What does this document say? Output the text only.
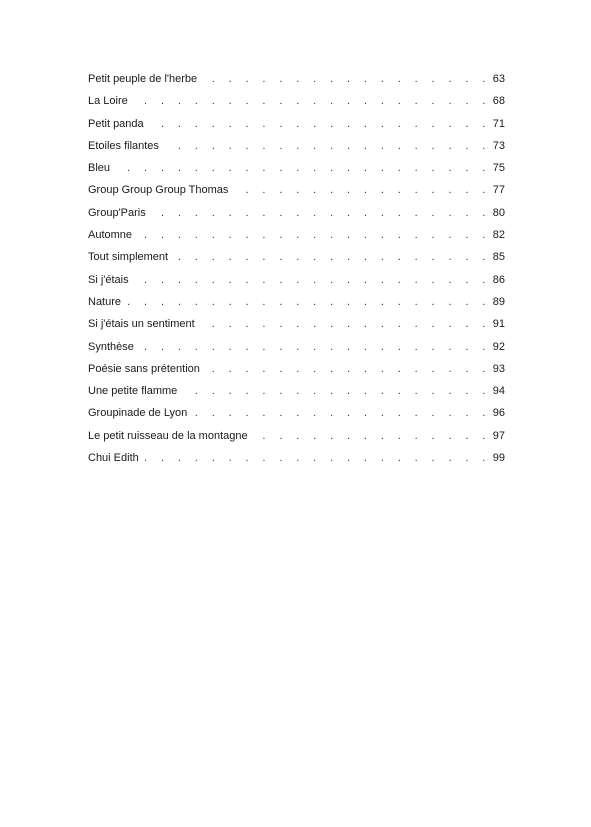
Petit peuple de l'herbe . . .	63
La Loire . . .	68
Petit panda . . .	71
Etoiles filantes . . .	73
Bleu . . .	75
Group Group Group Thomas . . .	77
Group'Paris . . .	80
Automne . . .	82
Tout simplement . . .	85
Si j'étais . . .	86
Nature . . .	89
Si j'étais un sentiment . . .	91
Synthèse . . .	92
Poésie sans prétention . . .	93
Une petite flamme . . .	94
Groupinade de Lyon . . .	96
Le petit ruisseau de la montagne . . .	97
Chui Edith . . .	99
